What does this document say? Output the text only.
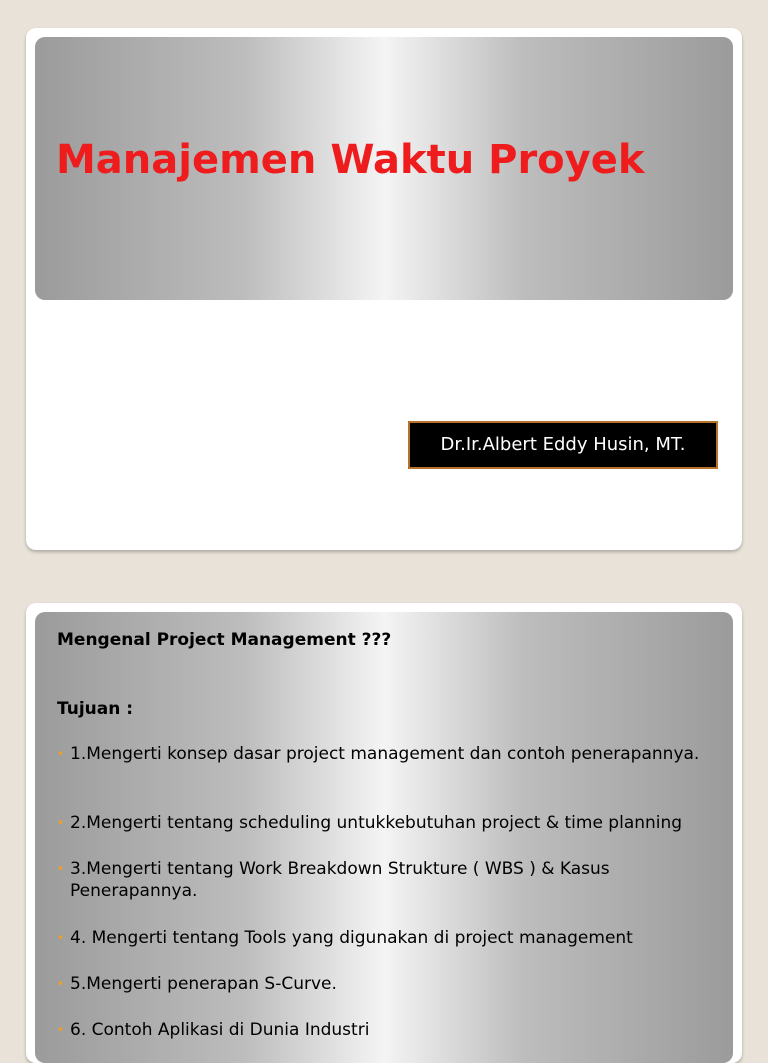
Manajemen Waktu Proyek
Dr.Ir.Albert Eddy Husin, MT.
Mengenal Project Management ???
Tujuan :
• 1.Mengerti konsep dasar project management dan contoh penerapannya.
• 2.Mengerti tentang scheduling untukkebutuhan project & time planning
• 3.Mengerti tentang Work Breakdown Strukture ( WBS ) & Kasus Penerapannya.
• 4. Mengerti tentang Tools yang digunakan di project management
• 5.Mengerti penerapan S-Curve.
• 6. Contoh Aplikasi di Dunia Industri
